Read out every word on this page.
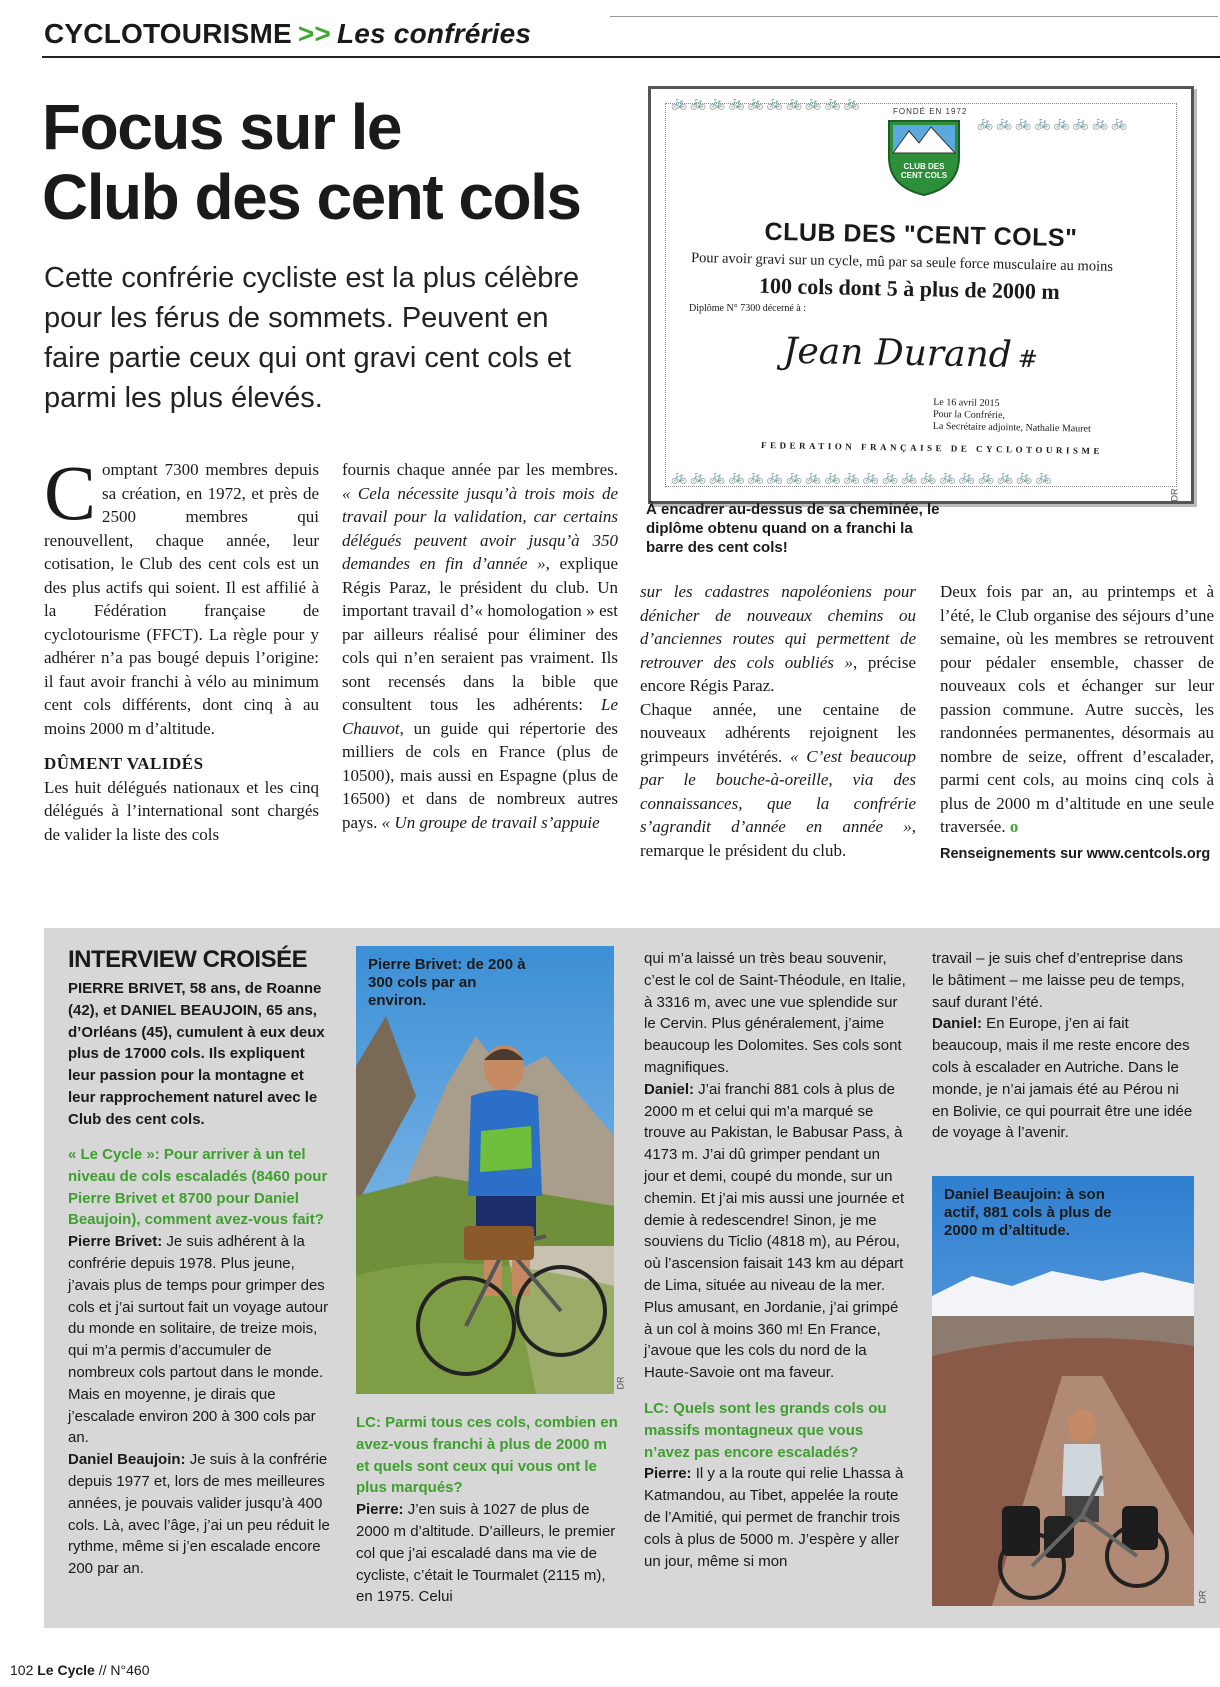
CYCLOTOURISME >> Les confréries
Focus sur le
Club des cent cols

Cette confrérie cycliste est la plus célèbre pour les férus de sommets. Peuvent en faire partie ceux qui ont gravi cent cols et parmi les plus élevés.

🚲🚲🚲🚲🚲🚲🚲🚲🚲🚲
🚲🚲🚲🚲🚲🚲🚲🚲
🚲🚲🚲🚲🚲🚲🚲🚲🚲🚲🚲🚲🚲🚲🚲🚲🚲🚲🚲🚲
FONDÉ EN 1972
CLUB DES
CENT COLS
CLUB DES "CENT COLS"
Pour avoir gravi sur un cycle, mû par sa seule force musculaire au moins
100 cols dont 5 à plus de 2000 m
Diplôme N° 7300 décerné à :
Jean Durand #
Le 16 avril 2015
Pour la Confrérie,
La Secrétaire adjointe, Nathalie Mauret
FEDERATION FRANÇAISE DE CYCLOTOURISME
DR

À encadrer au-dessus de sa cheminée, le diplôme obtenu quand on a franchi la barre des cent cols!

Comptant 7300 membres depuis sa création, en 1972, et près de 2500 membres qui renouvellent, chaque année, leur cotisation, le Club des cent cols est un des plus actifs qui soient. Il est affilié à la Fédération française de cyclotourisme (FFCT). La règle pour y adhérer n’a pas bougé depuis l’origine: il faut avoir franchi à vélo au minimum cent cols différents, dont cinq à au moins 2000 m d’altitude.

DÛMENT VALIDÉS

Les huit délégués nationaux et les cinq délégués à l’international sont chargés de valider la liste des cols

fournis chaque année par les membres. « Cela nécessite jusqu’à trois mois de travail pour la validation, car certains délégués peuvent avoir jusqu’à 350 demandes en fin d’année », explique Régis Paraz, le président du club. Un important travail d’« homologation » est par ailleurs réalisé pour éliminer des cols qui n’en seraient pas vraiment. Ils sont recensés dans la bible que consultent tous les adhérents: Le Chauvot, un guide qui répertorie des milliers de cols en France (plus de 10500), mais aussi en Espagne (plus de 16500) et dans de nombreux autres pays. « Un groupe de travail s’appuie

sur les cadastres napoléoniens pour dénicher de nouveaux chemins ou d’anciennes routes qui permettent de retrouver des cols oubliés », précise encore Régis Paraz.

Chaque année, une centaine de nouveaux adhérents rejoignent les grimpeurs invétérés. « C’est beaucoup par le bouche-à-oreille, via des connaissances, que la confrérie s’agrandit d’année en année », remarque le président du club.

Deux fois par an, au printemps et à l’été, le Club organise des séjours d’une semaine, où les membres se retrouvent pour pédaler ensemble, chasser de nouveaux cols et échanger sur leur passion commune. Autre succès, les randonnées permanentes, désormais au nombre de seize, offrent d’escalader, parmi cent cols, au moins cinq cols à plus de 2000 m d’altitude en une seule traversée. o

Renseignements sur www.centcols.org

INTERVIEW CROISÉE

PIERRE BRIVET, 58 ans, de Roanne (42), et DANIEL BEAUJOIN, 65 ans, d’Orléans (45), cumulent à eux deux plus de 17000 cols. Ils expliquent leur passion pour la montagne et leur rapprochement naturel avec le Club des cent cols.

« Le Cycle »: Pour arriver à un tel niveau de cols escaladés (8460 pour Pierre Brivet et 8700 pour Daniel Beaujoin), comment avez-vous fait?

Pierre Brivet: Je suis adhérent à la confrérie depuis 1978. Plus jeune, j’avais plus de temps pour grimper des cols et j’ai surtout fait un voyage autour du monde en solitaire, de treize mois, qui m’a permis d’accumuler de nombreux cols partout dans le monde. Mais en moyenne, je dirais que j’escalade environ 200 à 300 cols par an.

Daniel Beaujoin: Je suis à la confrérie depuis 1977 et, lors de mes meilleures années, je pouvais valider jusqu’à 400 cols. Là, avec l’âge, j’ai un peu réduit le rythme, même si j’en escalade encore 200 par an.

Pierre Brivet: de 200 à 300 cols par an environ.
DR

LC: Parmi tous ces cols, combien en avez-vous franchi à plus de 2000 m et quels sont ceux qui vous ont le plus marqués?

Pierre: J’en suis à 1027 de plus de 2000 m d’altitude. D’ailleurs, le premier col que j’ai escaladé dans ma vie de cycliste, c’était le Tourmalet (2115 m), en 1975. Celui

qui m’a laissé un très beau souvenir, c’est le col de Saint-Théodule, en Italie, à 3316 m, avec une vue splendide sur le Cervin. Plus généralement, j’aime beaucoup les Dolomites. Ses cols sont magnifiques.

Daniel: J’ai franchi 881 cols à plus de 2000 m et celui qui m’a marqué se trouve au Pakistan, le Babusar Pass, à 4173 m. J’ai dû grimper pendant un jour et demi, coupé du monde, sur un chemin. Et j’ai mis aussi une journée et demie à redescendre! Sinon, je me souviens du Ticlio (4818 m), au Pérou, où l’ascension faisait 143 km au départ de Lima, située au niveau de la mer. Plus amusant, en Jordanie, j’ai grimpé à un col à moins 360 m! En France, j’avoue que les cols du nord de la Haute-Savoie ont ma faveur.

LC: Quels sont les grands cols ou massifs montagneux que vous n’avez pas encore escaladés?

Pierre: Il y a la route qui relie Lhassa à Katmandou, au Tibet, appelée la route de l’Amitié, qui permet de franchir trois cols à plus de 5000 m. J’espère y aller un jour, même si mon

travail – je suis chef d’entreprise dans le bâtiment – me laisse peu de temps, sauf durant l’été.

Daniel: En Europe, j’en ai fait beaucoup, mais il me reste encore des cols à escalader en Autriche. Dans le monde, je n’ai jamais été au Pérou ni en Bolivie, ce qui pourrait être une idée de voyage à l’avenir.

Daniel Beaujoin: à son actif, 881 cols à plus de 2000 m d’altitude.
DR
102 Le Cycle // N°460
